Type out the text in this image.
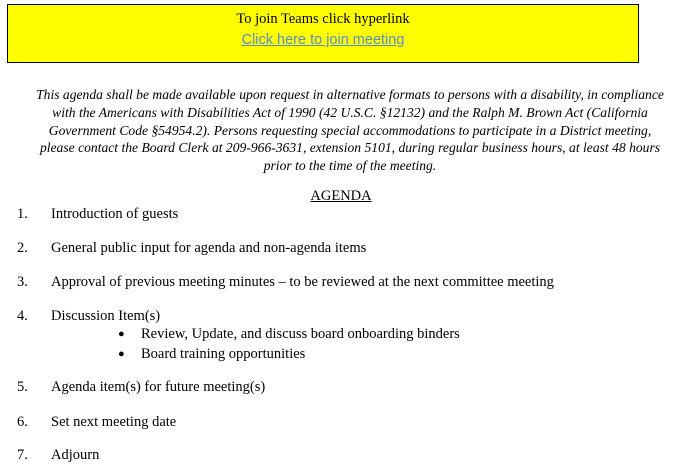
To join Teams click hyperlink
Click here to join meeting
This agenda shall be made available upon request in alternative formats to persons with a disability, in compliance
with the Americans with Disabilities Act of 1990 (42 U.S.C. §12132) and the Ralph M. Brown Act (California
Government Code §54954.2). Persons requesting special accommodations to participate in a District meeting,
please contact the Board Clerk at 209-966-3631, extension 5101, during regular business hours, at least 48 hours
prior to the time of the meeting.
AGENDA
1. Introduction of guests
2. General public input for agenda and non-agenda items
3. Approval of previous meeting minutes – to be reviewed at the next committee meeting
4. Discussion Item(s)
● Review, Update, and discuss board onboarding binders
● Board training opportunities
5. Agenda item(s) for future meeting(s)
6. Set next meeting date
7. Adjourn
